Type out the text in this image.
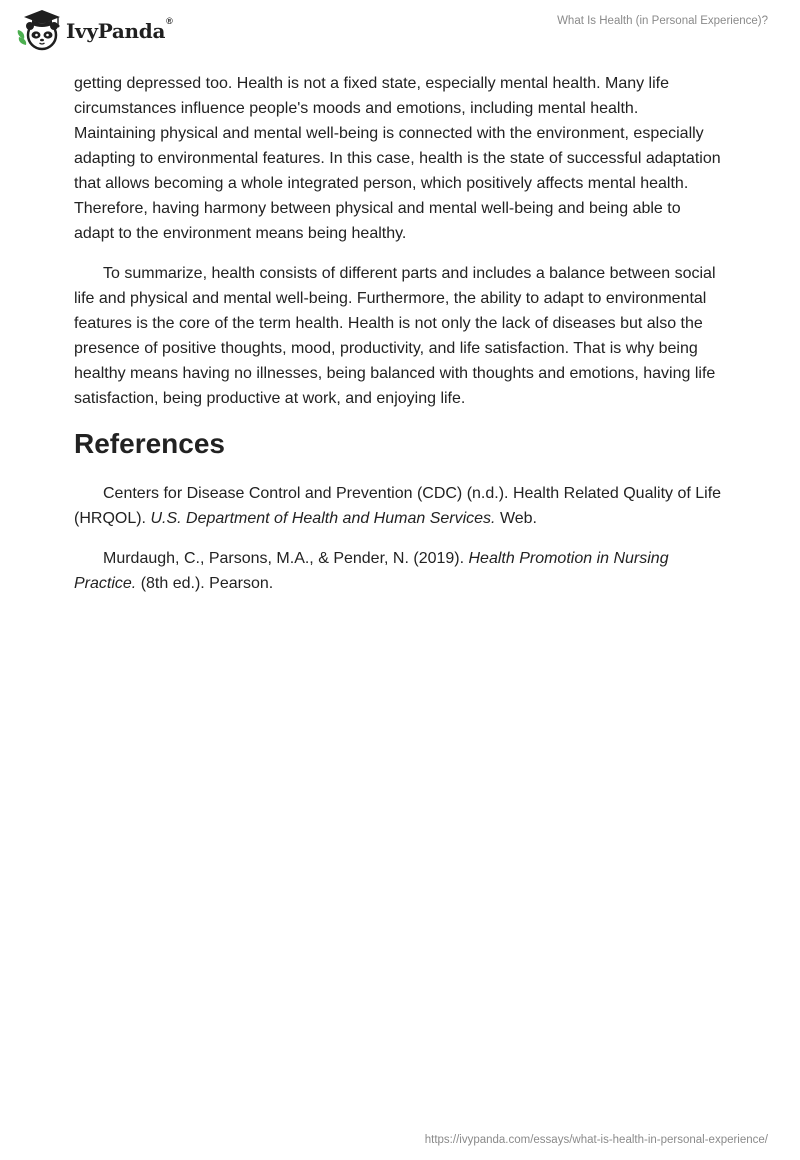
IvyPanda®	What Is Health (in Personal Experience)?

getting depressed too. Health is not a fixed state, especially mental health. Many life circumstances influence people's moods and emotions, including mental health. Maintaining physical and mental well-being is connected with the environment, especially adapting to environmental features. In this case, health is the state of successful adaptation that allows becoming a whole integrated person, which positively affects mental health. Therefore, having harmony between physical and mental well-being and being able to adapt to the environment means being healthy.

To summarize, health consists of different parts and includes a balance between social life and physical and mental well-being. Furthermore, the ability to adapt to environmental features is the core of the term health. Health is not only the lack of diseases but also the presence of positive thoughts, mood, productivity, and life satisfaction. That is why being healthy means having no illnesses, being balanced with thoughts and emotions, having life satisfaction, being productive at work, and enjoying life.

References

Centers for Disease Control and Prevention (CDC) (n.d.). Health Related Quality of Life (HRQOL). U.S. Department of Health and Human Services. Web.

Murdaugh, C., Parsons, M.A., & Pender, N. (2019). Health Promotion in Nursing Practice. (8th ed.). Pearson.

https://ivypanda.com/essays/what-is-health-in-personal-experience/
